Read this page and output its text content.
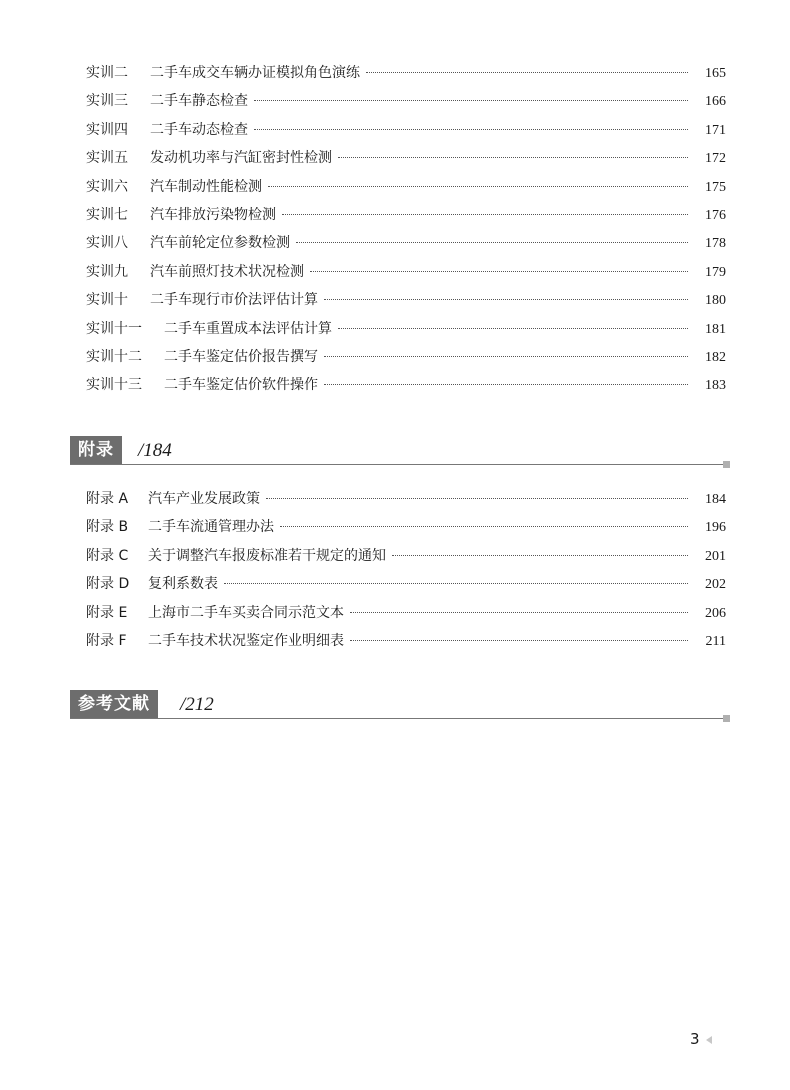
实训二	二手车成交车辆办证模拟角色演练	165
实训三	二手车静态检查	166
实训四	二手车动态检查	171
实训五	发动机功率与汽缸密封性检测	172
实训六	汽车制动性能检测	175
实训七	汽车排放污染物检测	176
实训八	汽车前轮定位参数检测	178
实训九	汽车前照灯技术状况检测	179
实训十	二手车现行市价法评估计算	180
实训十一	二手车重置成本法评估计算	181
实训十二	二手车鉴定估价报告撰写	182
实训十三	二手车鉴定估价软件操作	183
附录	/184
附录 A	汽车产业发展政策	184
附录 B	二手车流通管理办法	196
附录 C	关于调整汽车报废标准若干规定的通知	201
附录 D	复利系数表	202
附录 E	上海市二手车买卖合同示范文本	206
附录 F	二手车技术状况鉴定作业明细表	211
参考文献	/212
3
